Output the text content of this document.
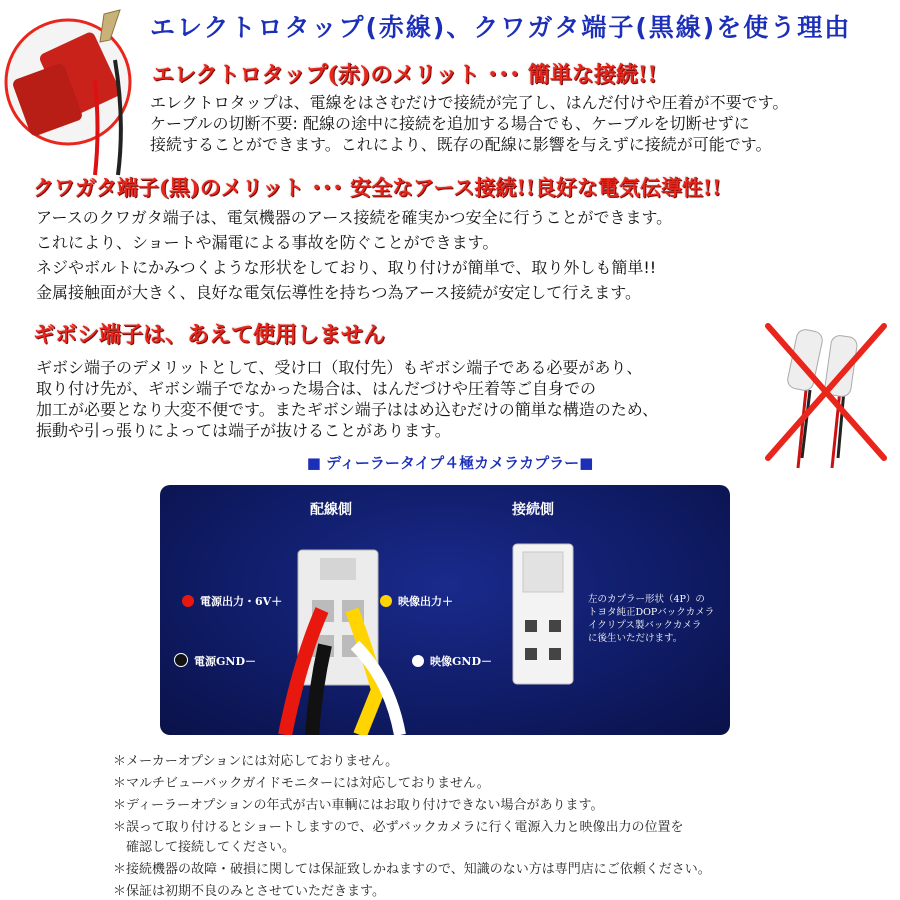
エレクトロタップ(赤線)、クワガタ端子(黒線)を使う理由
エレクトロタップ(赤)のメリット ･･･ 簡単な接続!!
エレクトロタップは、電線をはさむだけで接続が完了し、はんだ付けや圧着が不要です。
ケーブルの切断不要: 配線の途中に接続を追加する場合でも、ケーブルを切断せずに
接続することができます。これにより、既存の配線に影響を与えずに接続が可能です。
クワガタ端子(黒)のメリット ･･･ 安全なアース接続!!良好な電気伝導性!!
アースのクワガタ端子は、電気機器のアース接続を確実かつ安全に行うことができます。
これにより、ショートや漏電による事故を防ぐことができます。
ネジやボルトにかみつくような形状をしており、取り付けが簡単で、取り外しも簡単!!
金属接触面が大きく、良好な電気伝導性を持ちつ為アース接続が安定して行えます。
ギボシ端子は、あえて使用しません
ギボシ端子のデメリットとして、受け口（取付先）もギボシ端子である必要があり、
取り付け先が、ギボシ端子でなかった場合は、はんだづけや圧着等ご自身での
加工が必要となり大変不便です。またギボシ端子ははめ込むだけの簡単な構造のため、
振動や引っ張りによっては端子が抜けることがあります。
■ ディーラータイプ４極カメラカプラー■
配線側	接続側
電源出力・6V＋	映像出力＋
電源GND－	映像GND－
左のカプラー形状（4P）の
トヨタ純正DOPバックカメラ
イクリプス製バックカメラ
に後生いただけます。
＊メーカーオプションには対応しておりません。
＊マルチビューバックガイドモニターには対応しておりません。
＊ディーラーオプションの年式が古い車輌にはお取り付けできない場合があります。
＊誤って取り付けるとショートしますので、必ずバックカメラに行く電源入力と映像出力の位置を
　確認して接続してください。
＊接続機器の故障・破損に関しては保証致しかねますので、知識のない方は専門店にご依頼ください。
＊保証は初期不良のみとさせていただきます。
